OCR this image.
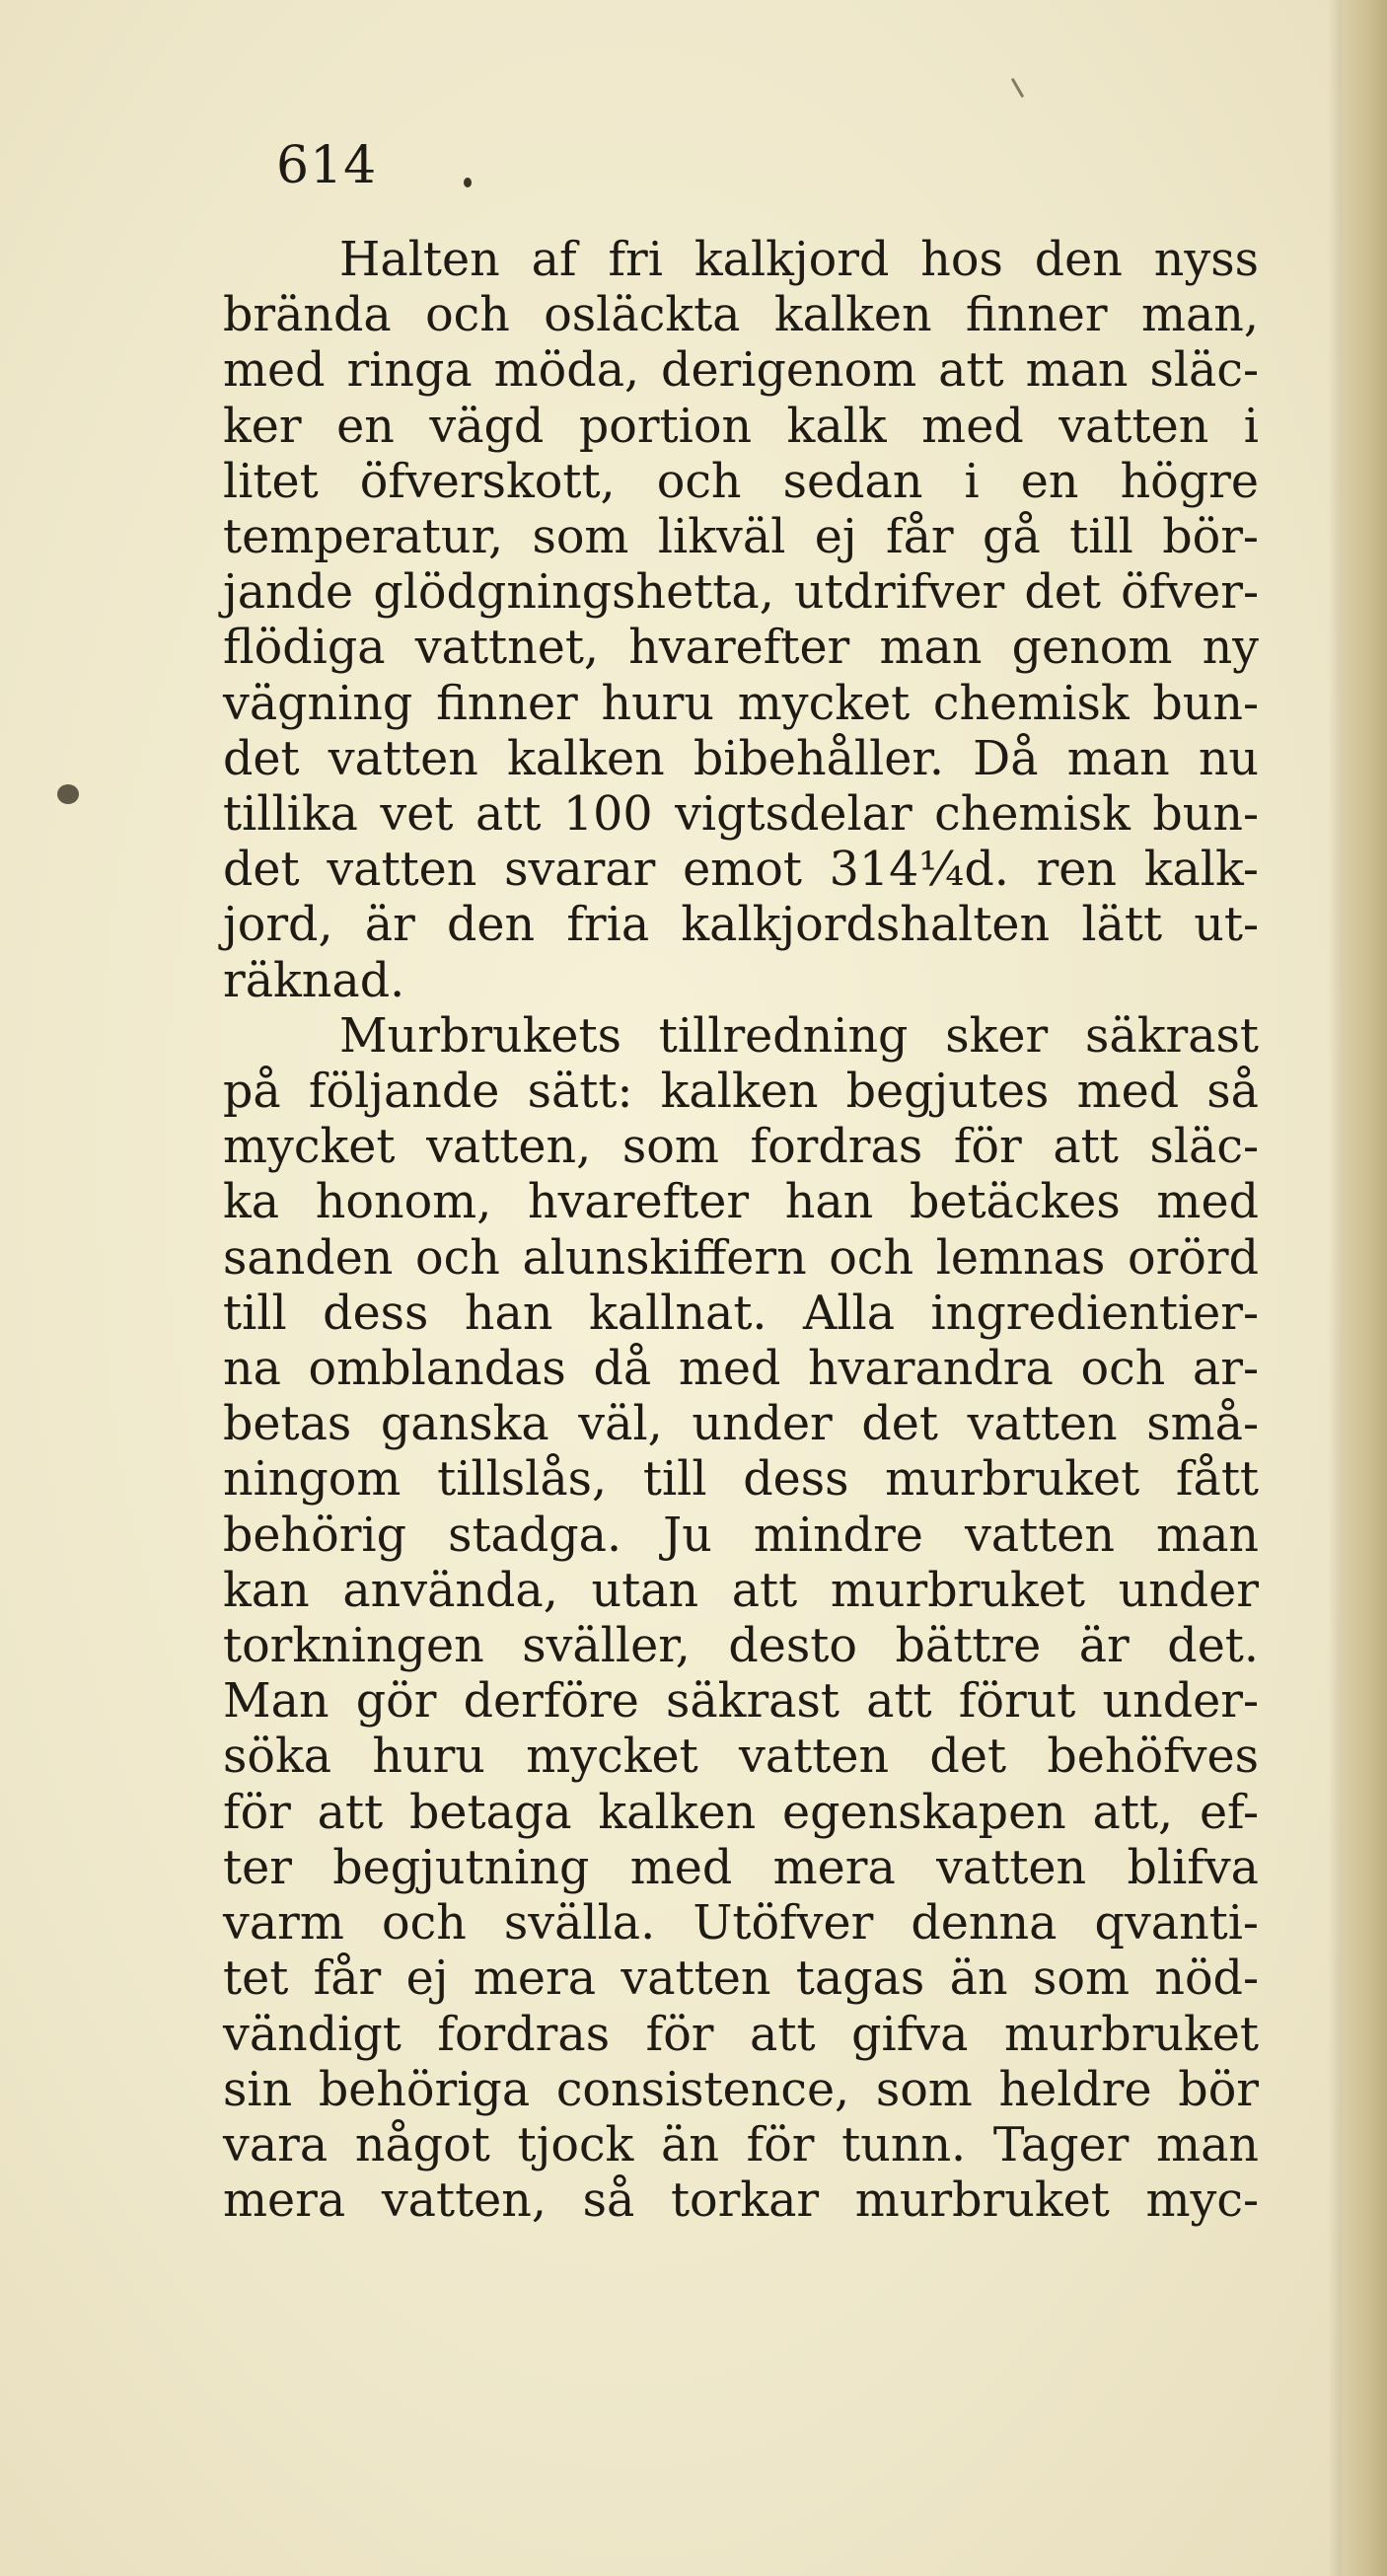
614
Halten af fri kalkjord hos den nyss
brända och osläckta kalken finner man,
med ringa möda, derigenom att man släc-
ker en vägd portion kalk med vatten i
litet öfverskott, och sedan i en högre
temperatur, som likväl ej får gå till bör-
jande glödgningshetta, utdrifver det öfver-
flödiga vattnet, hvarefter man genom ny
vägning finner huru mycket chemisk bun-
det vatten kalken bibehåller. Då man nu
tillika vet att 100 vigtsdelar chemisk bun-
det vatten svarar emot 314¼d. ren kalk-
jord, är den fria kalkjordshalten lätt ut-
räknad.
Murbrukets tillredning sker säkrast
på följande sätt: kalken begjutes med så
mycket vatten, som fordras för att släc-
ka honom, hvarefter han betäckes med
sanden och alunskiffern och lemnas orörd
till dess han kallnat. Alla ingredientier-
na omblandas då med hvarandra och ar-
betas ganska väl, under det vatten små-
ningom tillslås, till dess murbruket fått
behörig stadga. Ju mindre vatten man
kan använda, utan att murbruket under
torkningen sväller, desto bättre är det.
Man gör derföre säkrast att förut under-
söka huru mycket vatten det behöfves
för att betaga kalken egenskapen att, ef-
ter begjutning med mera vatten blifva
varm och svälla. Utöfver denna qvanti-
tet får ej mera vatten tagas än som nöd-
vändigt fordras för att gifva murbruket
sin behöriga consistence, som heldre bör
vara något tjock än för tunn. Tager man
mera vatten, så torkar murbruket myc-
